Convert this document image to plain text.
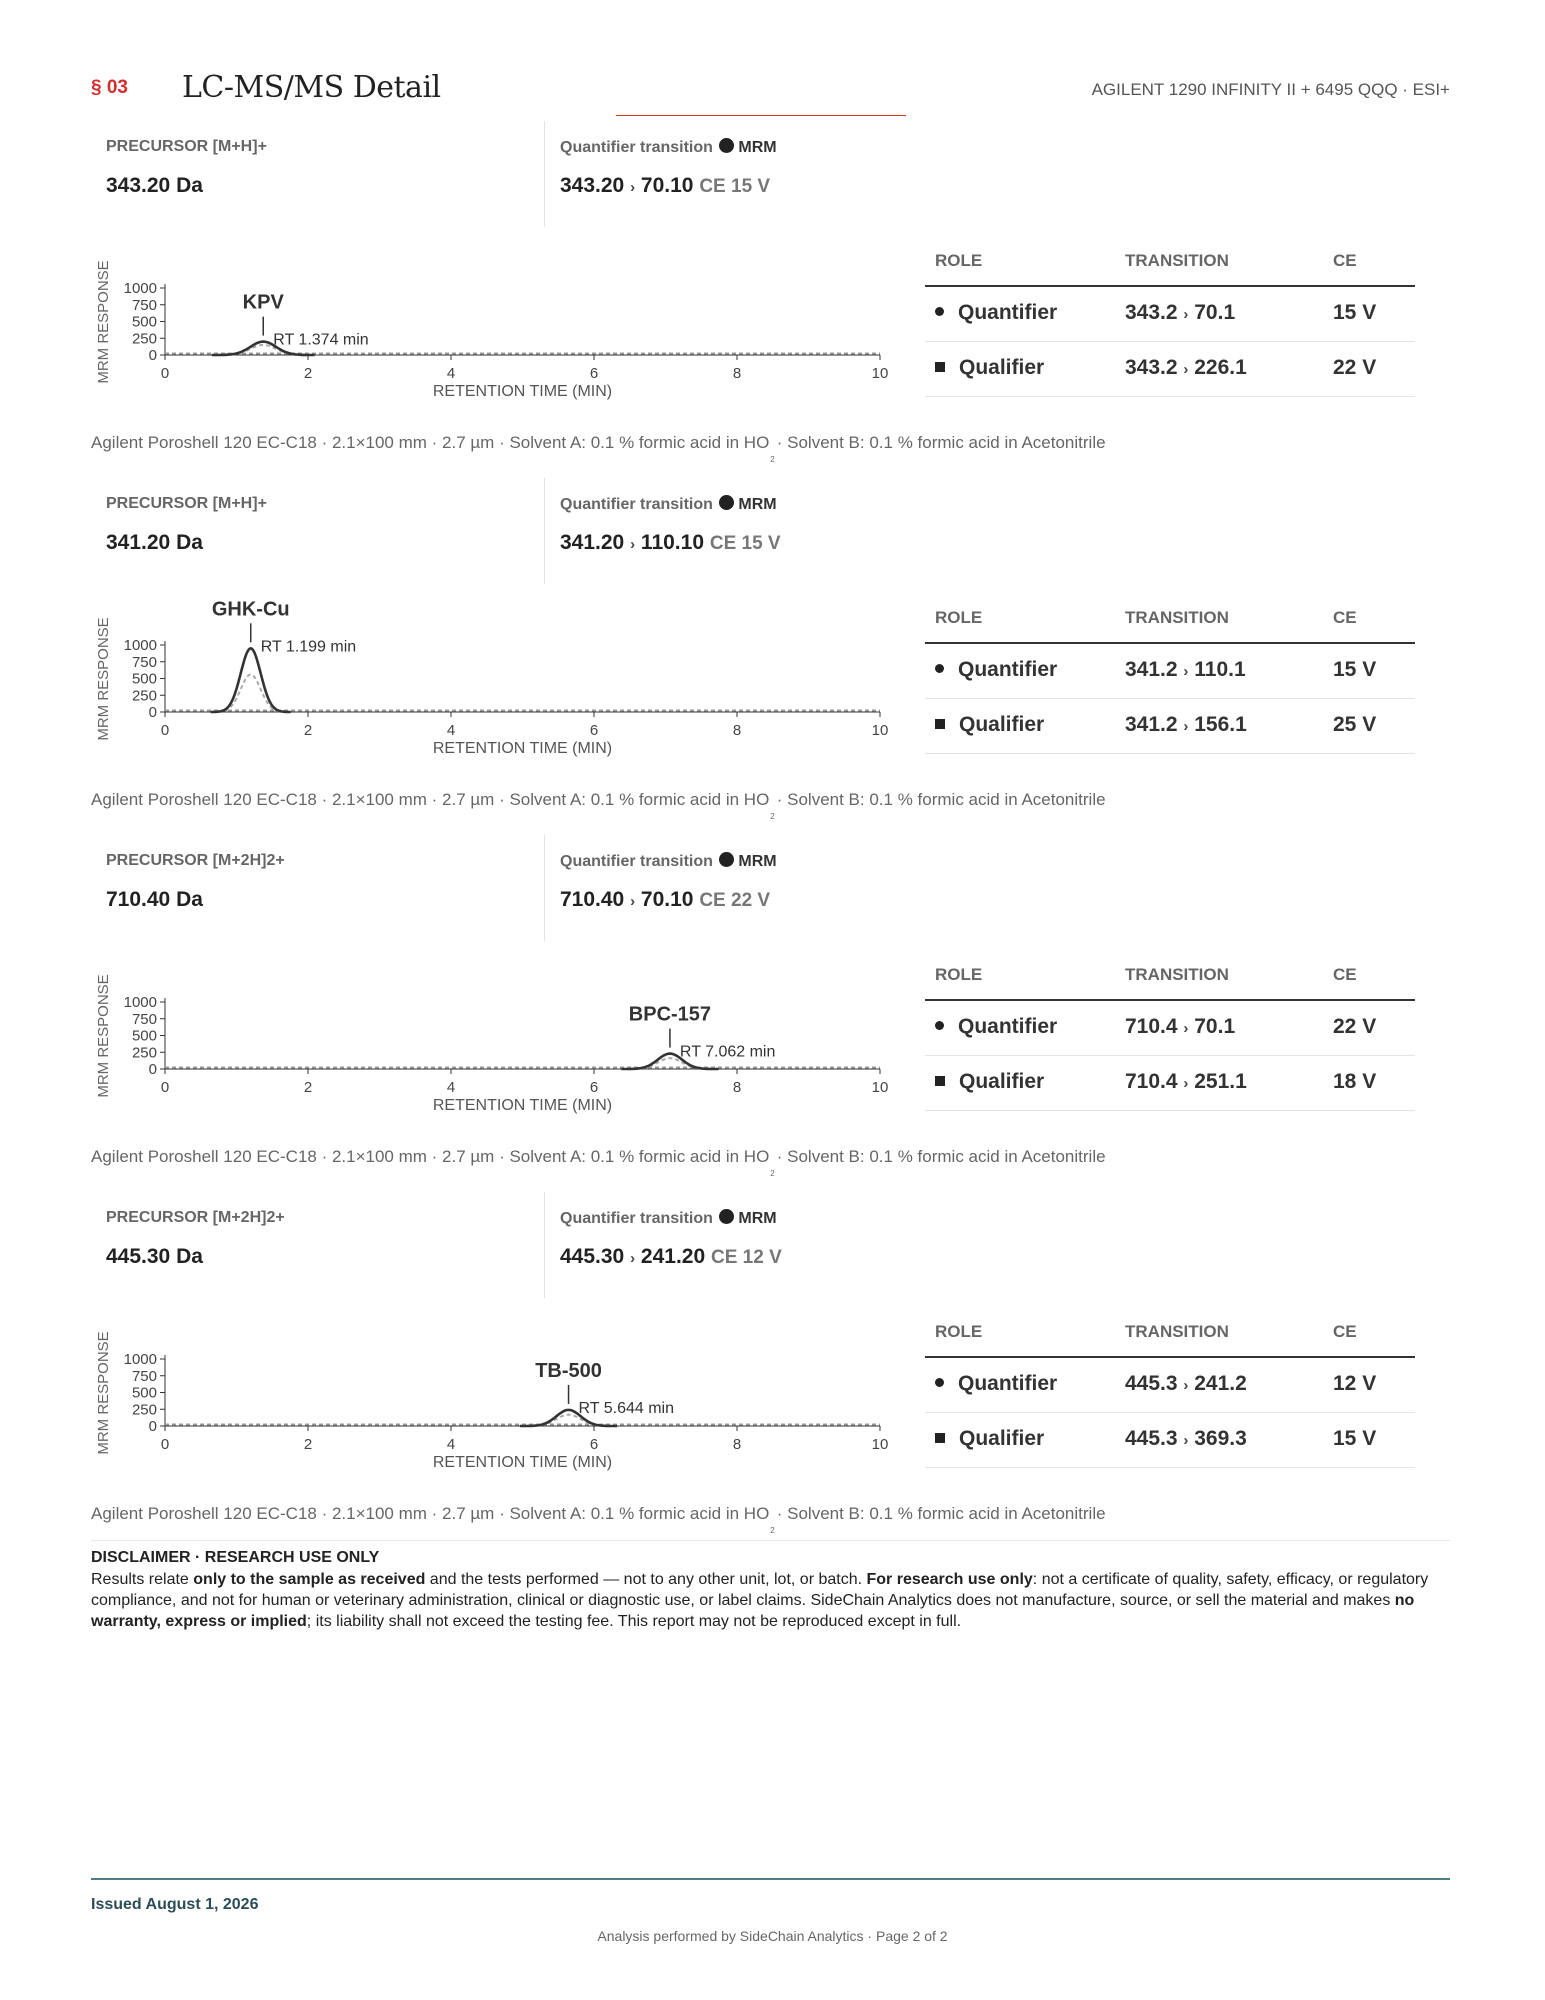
§ 03 LC-MS/MS Detail	AGILENT 1290 INFINITY II + 6495 QQQ · ESI+
PRECURSOR [M+H]+
343.20 Da
Quantifier transition MRM
343.20 › 70.10 CE 15 V
MRM RESPONSE 0
250
500
750
1000
0	2	4	6	8	10
RETENTION TIME (MIN)
KPV
RT 1.374 min
ROLE	TRANSITION	CE
Quantifier	343.2 › 70.1	15 V
Qualifier	343.2 › 226.1	22 V
Agilent Poroshell 120 EC-C18 · 2.1×100 mm · 2.7 µm · Solvent A: 0.1 % formic acid in $HO_2\cdot$ Solvent B: 0.1 % formic acid in Acetonitrile
PRECURSOR [M+H]+
341.20 Da
Quantifier transition MRM
341.20 › 110.10 CE 15 V
MRM RESPONSE 0
250
500
750
1000
0	2	4	6	8	10
RETENTION TIME (MIN)
GHK-Cu
RT 1.199 min
ROLE	TRANSITION	CE
Quantifier	341.2 › 110.1	15 V
Qualifier	341.2 › 156.1	25 V
Agilent Poroshell 120 EC-C18 · 2.1×100 mm · 2.7 µm · Solvent A: 0.1 % formic acid in $HO_2\cdot$ Solvent B: 0.1 % formic acid in Acetonitrile
PRECURSOR [M+2H]2+
710.40 Da
Quantifier transition MRM
710.40 › 70.10 CE 22 V
MRM RESPONSE 0
250
500
750
1000
0	2	4	6	8	10
RETENTION TIME (MIN)
BPC-157
RT 7.062 min
ROLE	TRANSITION	CE
Quantifier	710.4 › 70.1	22 V
Qualifier	710.4 › 251.1	18 V
Agilent Poroshell 120 EC-C18 · 2.1×100 mm · 2.7 µm · Solvent A: 0.1 % formic acid in $HO_2\cdot$ Solvent B: 0.1 % formic acid in Acetonitrile
PRECURSOR [M+2H]2+
445.30 Da
Quantifier transition MRM
445.30 › 241.20 CE 12 V
MRM RESPONSE 0
250
500
750
1000
0	2	4	6	8	10
RETENTION TIME (MIN)
TB-500
RT 5.644 min
ROLE	TRANSITION	CE
Quantifier	445.3 › 241.2	12 V
Qualifier	445.3 › 369.3	15 V
Agilent Poroshell 120 EC-C18 · 2.1×100 mm · 2.7 µm · Solvent A: 0.1 % formic acid in $HO_2\cdot$ Solvent B: 0.1 % formic acid in Acetonitrile
DISCLAIMER · RESEARCH USE ONLY
Results relate only to the sample as received and the tests performed — not to any other unit, lot, or batch. For research use only: not a certificate of quality, safety, efficacy, or regulatory compliance, and not for human or veterinary administration, clinical or diagnostic use, or label claims. SideChain Analytics does not manufacture, source, or sell the material and makes no warranty, express or implied; its liability shall not exceed the testing fee. This report may not be reproduced except in full.
Issued August 1, 2026
Analysis performed by SideChain Analytics · Page 2 of 2
